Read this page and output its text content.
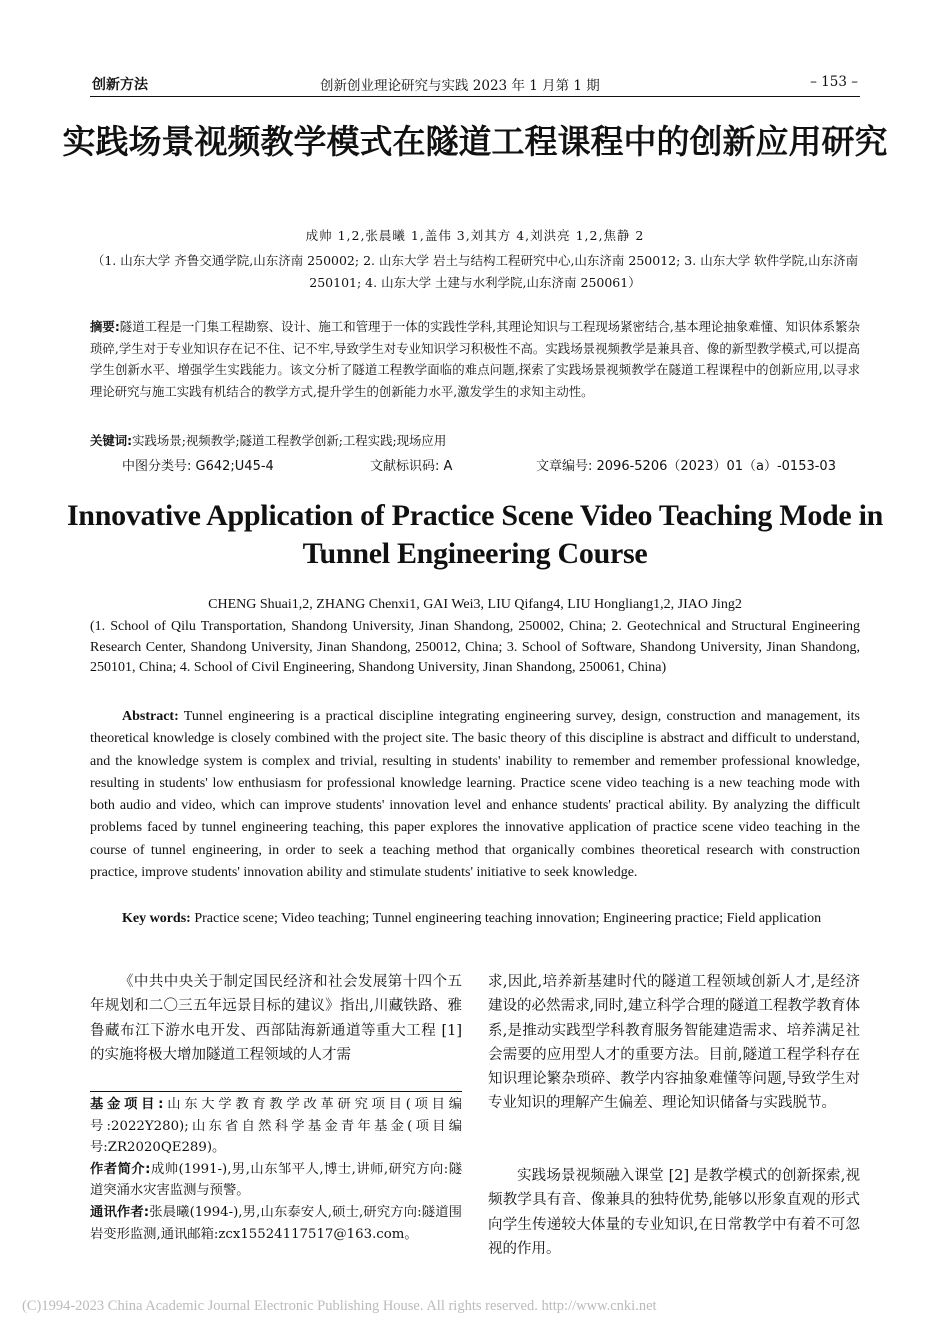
创新方法	创新创业理论研究与实践 2023 年 1 月第 1 期	– 153 –
实践场景视频教学模式在隧道工程课程中的创新应用研究
成帅 1,2,张晨曦 1,盖伟 3,刘其方 4,刘洪亮 1,2,焦静 2
（1. 山东大学 齐鲁交通学院,山东济南 250002; 2. 山东大学 岩土与结构工程研究中心,山东济南 250012; 3. 山东大学 软件学院,山东济南 250101; 4. 山东大学 土建与水利学院,山东济南 250061）
摘要:隧道工程是一门集工程勘察、设计、施工和管理于一体的实践性学科,其理论知识与工程现场紧密结合,基本理论抽象难懂、知识体系繁杂琐碎,学生对于专业知识存在记不住、记不牢,导致学生对专业知识学习积极性不高。实践场景视频教学是兼具音、像的新型教学模式,可以提高学生创新水平、增强学生实践能力。该文分析了隧道工程教学面临的难点问题,探索了实践场景视频教学在隧道工程课程中的创新应用,以寻求理论研究与施工实践有机结合的教学方式,提升学生的创新能力水平,激发学生的求知主动性。
关键词:实践场景;视频教学;隧道工程教学创新;工程实践;现场应用
中图分类号: G642;U45-4	文献标识码: A	文章编号: 2096-5206（2023）01（a）-0153-03
Innovative Application of Practice Scene Video Teaching Mode in Tunnel Engineering Course
CHENG Shuai1,2, ZHANG Chenxi1, GAI Wei3, LIU Qifang4, LIU Hongliang1,2, JIAO Jing2
(1. School of Qilu Transportation, Shandong University, Jinan Shandong, 250002, China; 2. Geotechnical and Structural Engineering Research Center, Shandong University, Jinan Shandong, 250012, China; 3. School of Software, Shandong University, Jinan Shandong, 250101, China; 4. School of Civil Engineering, Shandong University, Jinan Shandong, 250061, China)
Abstract: Tunnel engineering is a practical discipline integrating engineering survey, design, construction and management, its theoretical knowledge is closely combined with the project site. The basic theory of this discipline is abstract and difficult to understand, and the knowledge system is complex and trivial, resulting in students' inability to remember and remember professional knowledge, resulting in students' low enthusiasm for professional knowledge learning. Practice scene video teaching is a new teaching mode with both audio and video, which can improve students' innovation level and enhance students' practical ability. By analyzing the difficult problems faced by tunnel engineering teaching, this paper explores the innovative application of practice scene video teaching in the course of tunnel engineering, in order to seek a teaching method that organically combines theoretical research with construction practice, improve students' innovation ability and stimulate students' initiative to seek knowledge.
Key words: Practice scene; Video teaching; Tunnel engineering teaching innovation; Engineering practice; Field application
《中共中央关于制定国民经济和社会发展第十四个五年规划和二〇三五年远景目标的建议》指出,川藏铁路、雅鲁藏布江下游水电开发、西部陆海新通道等重大工程 [1] 的实施将极大增加隧道工程领域的人才需
基金项目:山东大学教育教学改革研究项目(项目编号:2022Y280);山东省自然科学基金青年基金(项目编号:ZR2020QE289)。
作者简介:成帅(1991-),男,山东邹平人,博士,讲师,研究方向:隧道突涌水灾害监测与预警。
通讯作者:张晨曦(1994-),男,山东泰安人,硕士,研究方向:隧道围岩变形监测,通讯邮箱:zcx15524117517@163.com。
求,因此,培养新基建时代的隧道工程领域创新人才,是经济建设的必然需求,同时,建立科学合理的隧道工程教学教育体系,是推动实践型学科教育服务智能建造需求、培养满足社会需要的应用型人才的重要方法。目前,隧道工程学科存在知识理论繁杂琐碎、教学内容抽象难懂等问题,导致学生对专业知识的理解产生偏差、理论知识储备与实践脱节。
实践场景视频融入课堂 [2] 是教学模式的创新探索,视频教学具有音、像兼具的独特优势,能够以形象直观的形式向学生传递较大体量的专业知识,在日常教学中有着不可忽视的作用。
(C)1994-2023 China Academic Journal Electronic Publishing House. All rights reserved. http://www.cnki.net
